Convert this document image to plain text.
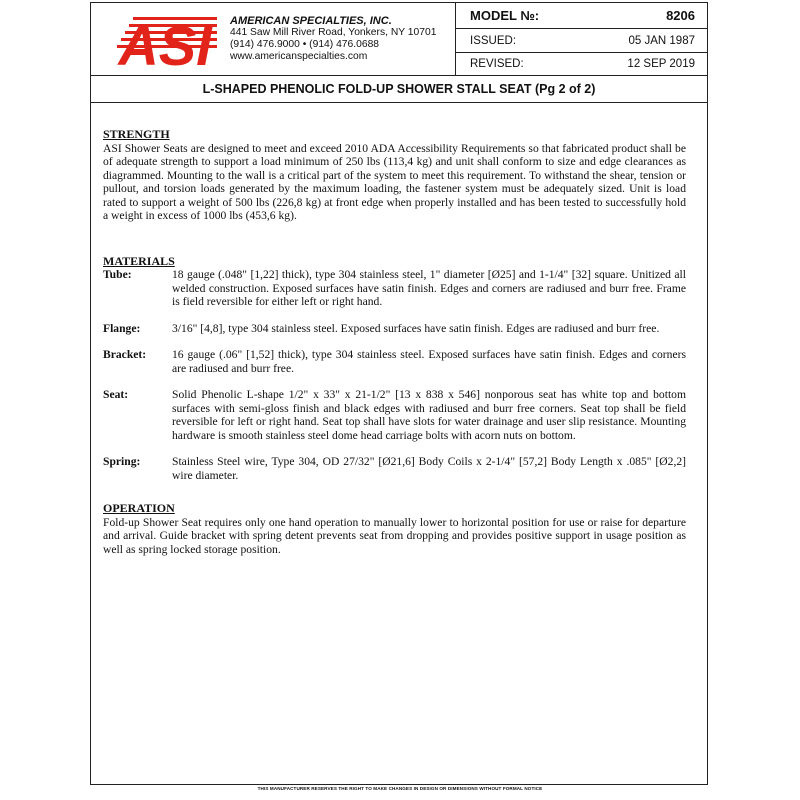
ASI AMERICAN SPECIALTIES, INC.
441 Saw Mill River Road, Yonkers, NY 10701
(914) 476.9000 • (914) 476.0688
www.americanspecialties.com
MODEL №:	8206
ISSUED:	05 JAN 1987
REVISED:	12 SEP 2019
L-SHAPED PHENOLIC FOLD-UP SHOWER STALL SEAT (Pg 2 of 2)

STRENGTH

ASI Shower Seats are designed to meet and exceed 2010 ADA Accessibility Requirements so that fabricated product shall be of adequate strength to support a load minimum of 250 lbs (113,4 kg) and unit shall conform to size and edge clearances as diagrammed. Mounting to the wall is a critical part of the system to meet this requirement. To withstand the shear, tension or pullout, and torsion loads generated by the maximum loading, the fastener system must be adequately sized. Unit is load rated to support a weight of 500 lbs (226,8 kg) at front edge when properly installed and has been tested to successfully hold a weight in excess of 1000 lbs (453,6 kg).

MATERIALS

Tube:	18 gauge (.048" [1,22] thick), type 304 stainless steel, 1" diameter [Ø25] and 1-1/4" [32] square. Unitized all welded construction. Exposed surfaces have satin finish. Edges and corners are radiused and burr free. Frame is field reversible for either left or right hand.
Flange:	3/16" [4,8], type 304 stainless steel. Exposed surfaces have satin finish. Edges are radiused and burr free.
Bracket:	16 gauge (.06" [1,52] thick), type 304 stainless steel. Exposed surfaces have satin finish. Edges and corners are radiused and burr free.
Seat:	Solid Phenolic L-shape 1/2" x 33" x 21-1/2" [13 x 838 x 546] nonporous seat has white top and bottom surfaces with semi-gloss finish and black edges with radiused and burr free corners. Seat top shall be field reversible for left or right hand. Seat top shall have slots for water drainage and user slip resistance. Mounting hardware is smooth stainless steel dome head carriage bolts with acorn nuts on bottom.
Spring:	Stainless Steel wire, Type 304, OD 27/32" [Ø21,6] Body Coils x 2-1/4" [57,2] Body Length x .085" [Ø2,2] wire diameter.

OPERATION

Fold-up Shower Seat requires only one hand operation to manually lower to horizontal position for use or raise for departure and arrival. Guide bracket with spring detent prevents seat from dropping and provides positive support in usage position as well as spring locked storage position.

THIS MANUFACTURER RESERVES THE RIGHT TO MAKE CHANGES IN DESIGN OR DIMENSIONS WITHOUT FORMAL NOTICE
